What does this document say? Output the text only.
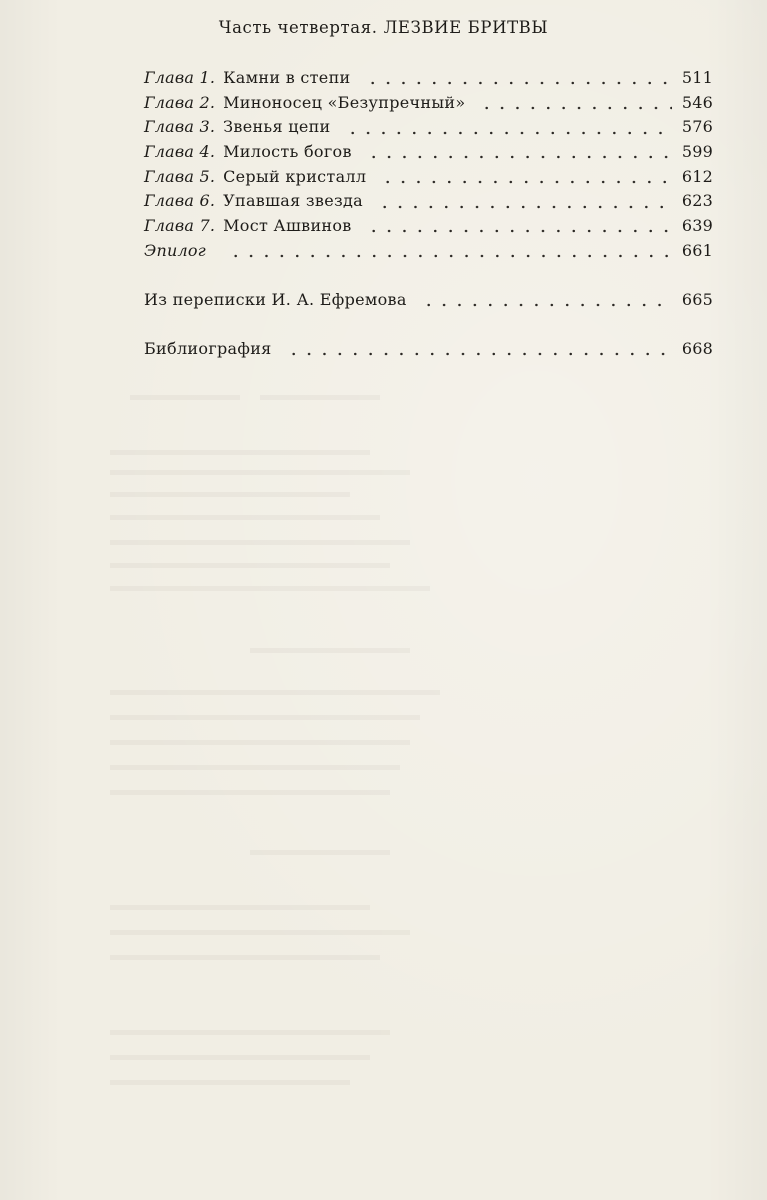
Часть четвертая. ЛЕЗВИЕ БРИТВЫ
Глава 1. Камни в степи	511
Глава 2. Миноносец «Безупречный»	546
Глава 3. Звенья цепи	576
Глава 4. Милость богов	599
Глава 5. Серый кристалл	612
Глава 6. Упавшая звезда	623
Глава 7. Мост Ашвинов	639
Эпилог	661
Из переписки И. А. Ефремова	665
Библиография	668
